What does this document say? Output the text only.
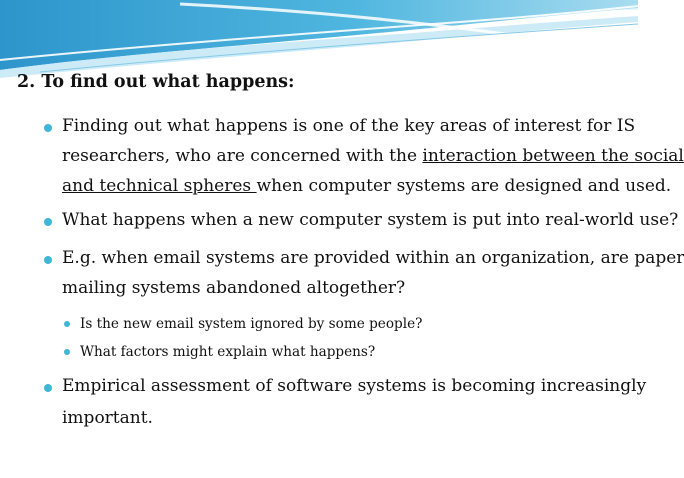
2. To find out what happens:
Finding out what happens is one of the key areas of interest for IS
researchers, who are concerned with the interaction between the social
and technical spheres when computer systems are designed and used.
What happens when a new computer system is put into real-world use?
E.g. when email systems are provided within an organization, are paper
mailing systems abandoned altogether?
Is the new email system ignored by some people?
What factors might explain what happens?
Empirical assessment of software systems is becoming increasingly
important.
